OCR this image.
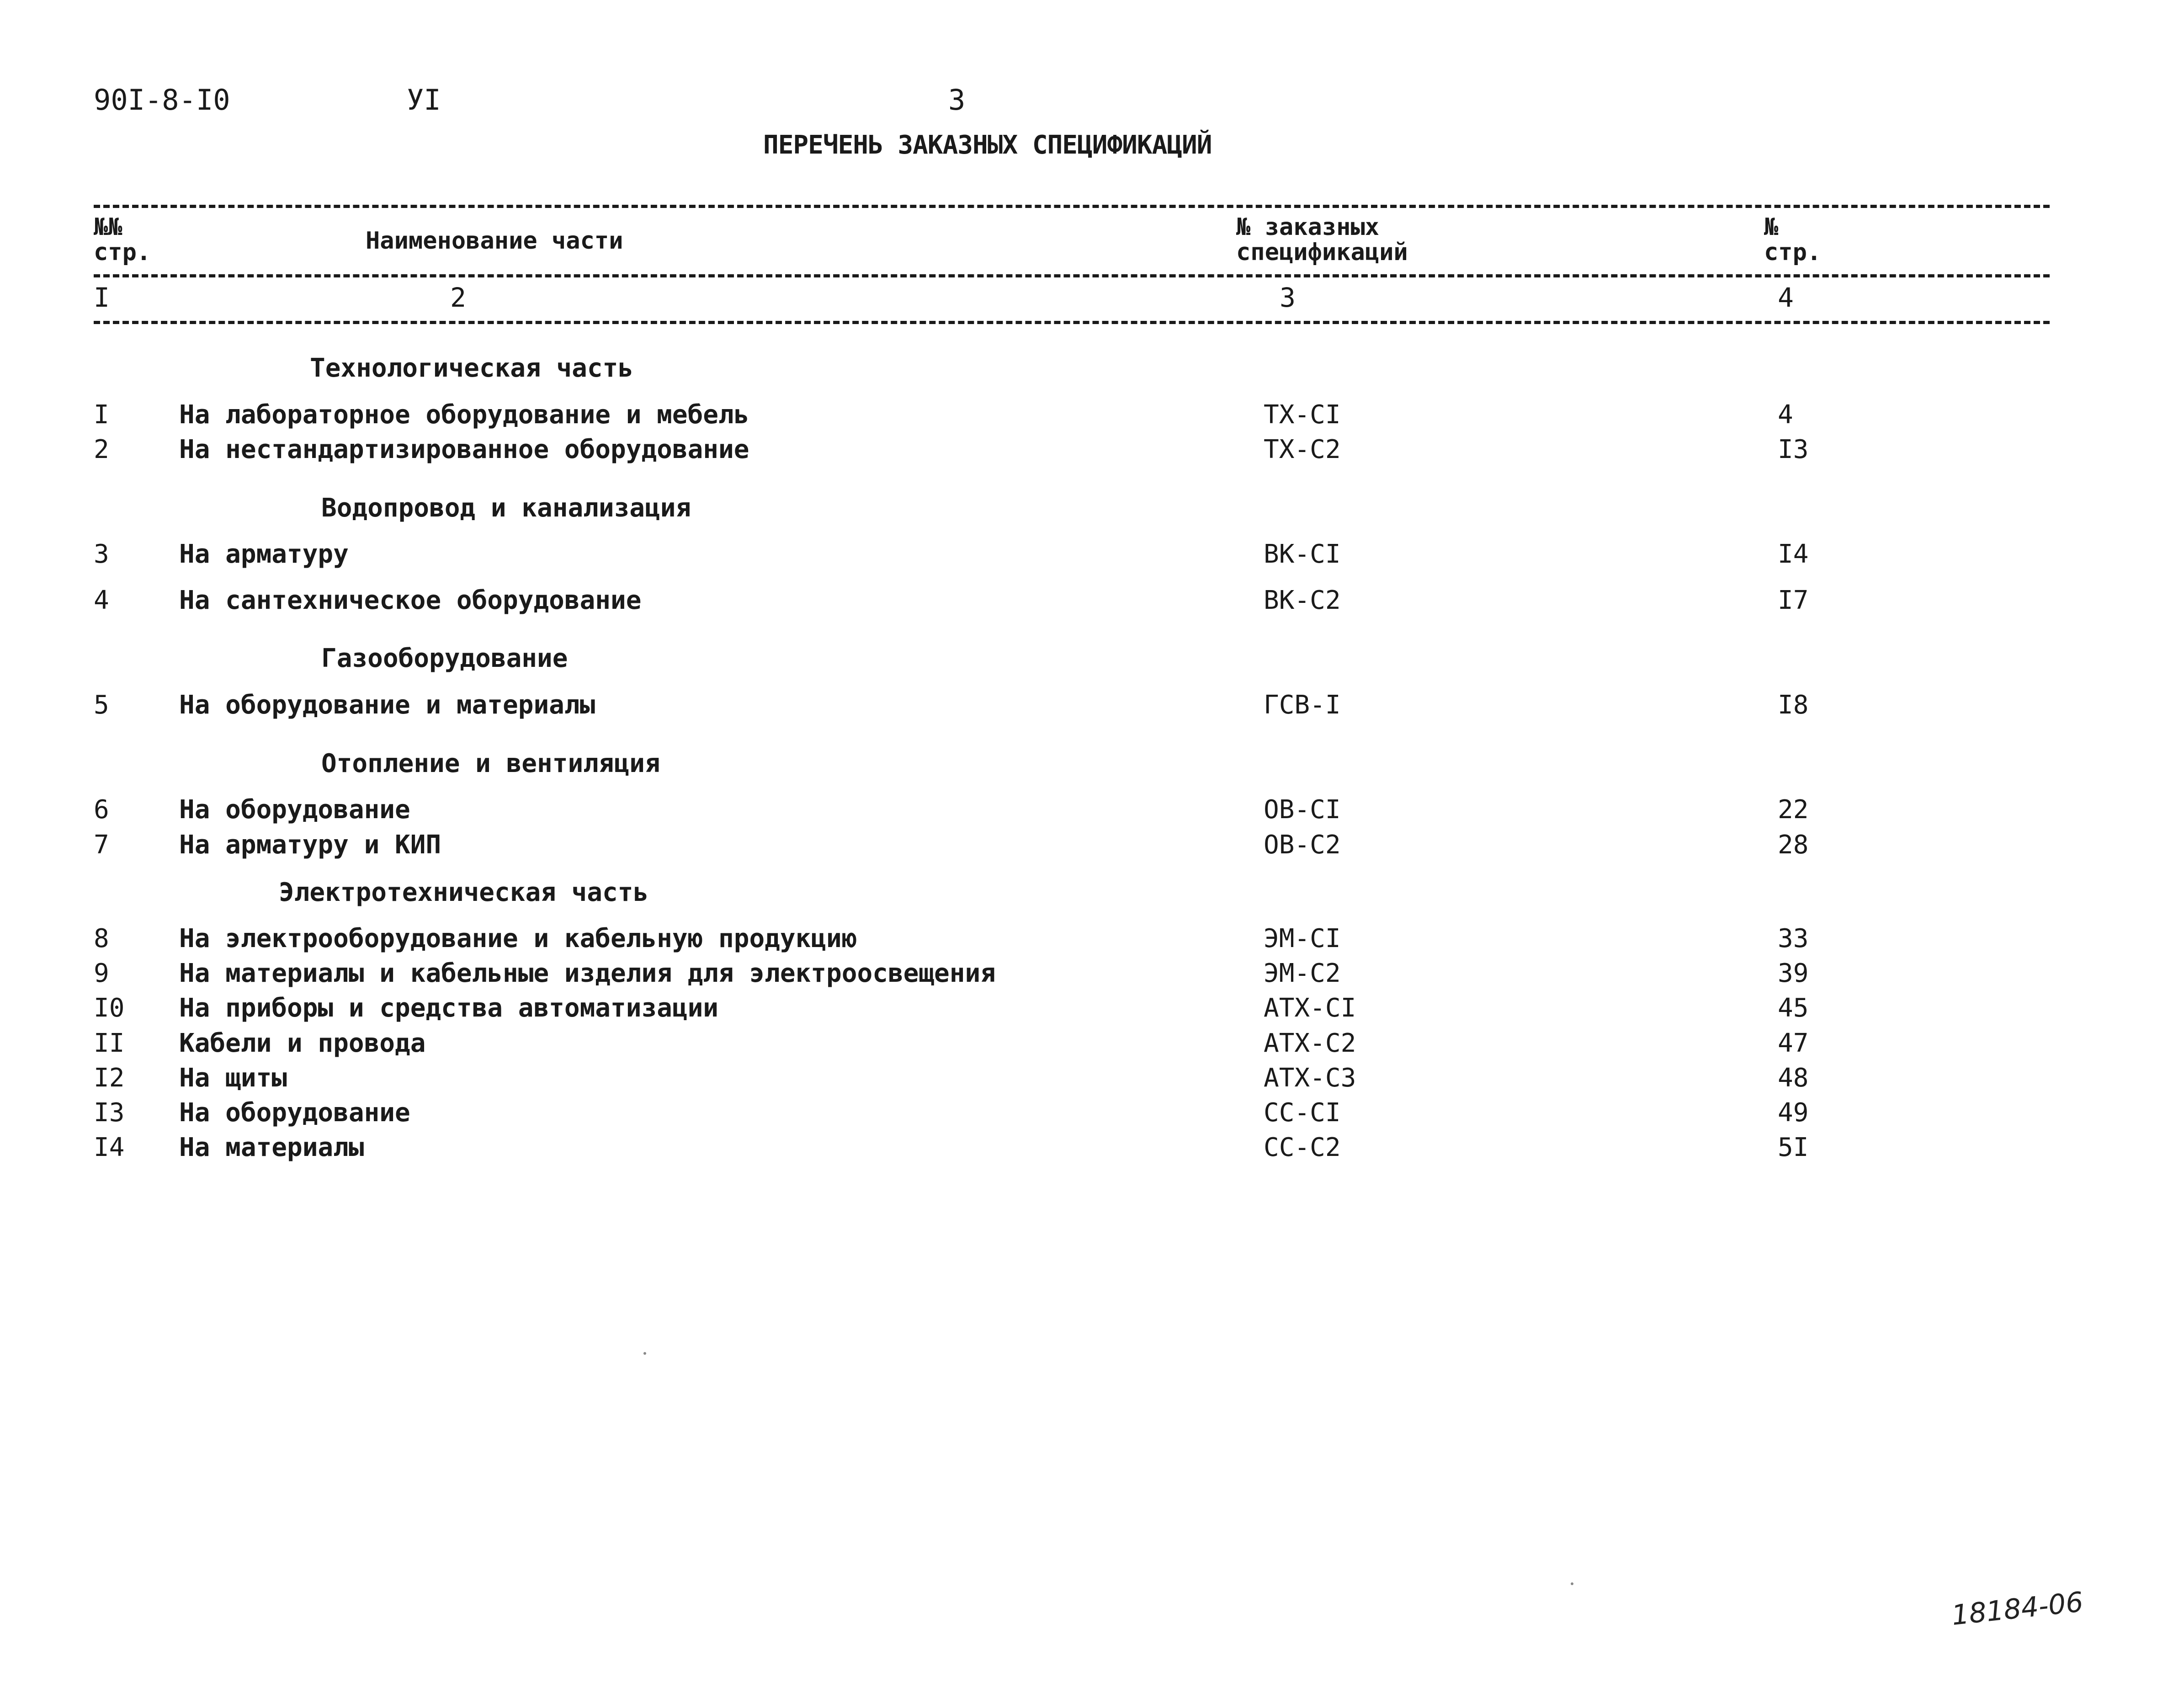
90I-8-I0	УI	3
ПЕРЕЧЕНЬ ЗАКАЗНЫХ СПЕЦИФИКАЦИЙ
№№
стр.	Наименование части	№ заказных
спецификаций
№
стр.
I	2	3	4
Технологическая часть
I	На лабораторное оборудование и мебель	ТХ-СI	4
2	На нестандартизированное оборудование	ТХ-С2	I3
Водопровод и канализация
3	На арматуру	ВК-СI	I4
4	На сантехническое оборудование	ВК-С2	I7
Газооборудование
5	На оборудование и материалы	ГСВ-I	I8
Отопление и вентиляция
6	На оборудование	ОВ-СI	22
7	На арматуру и КИП	ОВ-С2	28
Электротехническая часть
8	На электрооборудование и кабельную продукцию	ЭМ-СI	33
9	На материалы и кабельные изделия для электроосвещения	ЭМ-С2	39
I0 На приборы и средства автоматизации	АТХ-СI	45
II Кабели и провода	АТХ-С2	47
I2 На щиты	АТХ-С3	48
I3 На оборудование	СС-СI	49
I4 На материалы	СС-С2	5I
18184-06
